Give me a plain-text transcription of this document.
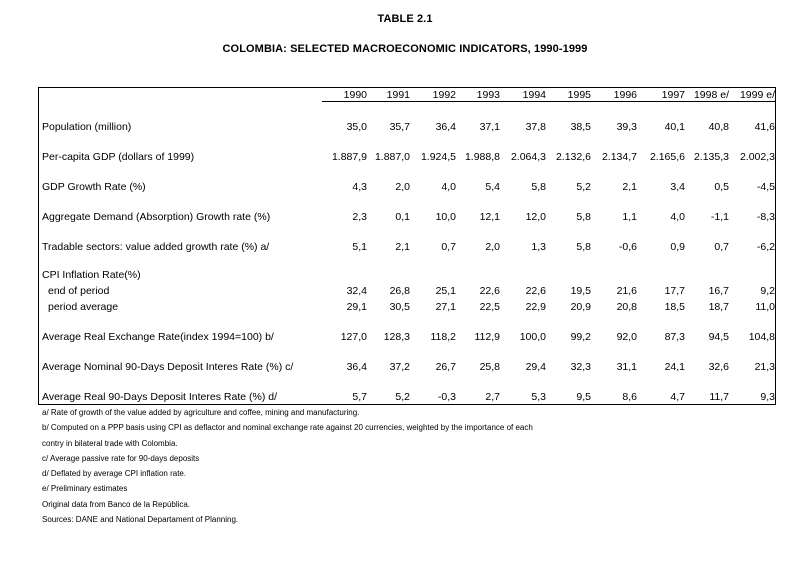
TABLE 2.1
COLOMBIA: SELECTED MACROECONOMIC INDICATORS, 1990-1999
1990 1991 1992 1993 1994 1995 1996 1997 1998 e/ 1999 e/
Population (million)	35,0 35,7 36,4 37,1 37,8 38,5 39,3	40,1 40,8 41,6
Per-capita GDP (dollars of 1999)	1.887,9 1.887,0 1.924,5 1.988,8 2.064,3 2.132,6 2.134,7 2.165,6 2.135,3 2.002,3
GDP Growth Rate (%)	4,3	2,0	4,0	5,4	5,8	5,2	2,1	3,4	0,5	-4,5
Aggregate Demand (Absorption) Growth rate (%)	2,3	0,1 10,0 12,1 12,0	5,8	1,1	4,0 -1,1	-8,3
Tradable sectors: value added growth rate (%) a/	5,1	2,1	0,7	2,0	1,3	5,8	-0,6	0,9	0,7	-6,2
CPI Inflation Rate(%)
end of period	32,4 26,8 25,1 22,6 22,6 19,5 21,6	17,7 16,7	9,2
period average	29,1 30,5 27,1 22,5 22,9 20,9 20,8	18,5 18,7	11,0
Average Real Exchange Rate(index 1994=100) b/	127,0 128,3 118,2 112,9 100,0 99,2 92,0	87,3 94,5 104,8
Average Nominal 90-Days Deposit Interes Rate (%) c/	36,4 37,2 26,7 25,8 29,4 32,3 31,1	24,1 32,6 21,3
Average Real 90-Days Deposit Interes Rate (%) d/	5,7	5,2	-0,3	2,7	5,3	9,5	8,6	4,7 11,7	9,3
a/ Rate of growth of the value added by agriculture and coffee, mining and manufacturing.
b/ Computed on a PPP basis using CPI as deflactor and nominal exchange rate against 20 currencies, weighted by the importance of each
contry in bilateral trade with Colombia.
c/ Average passive rate for 90-days deposits
d/ Deflated by average CPI inflation rate.
e/ Preliminary estimates
Original data from Banco de la República.
Sources: DANE and National Departament of Planning.
